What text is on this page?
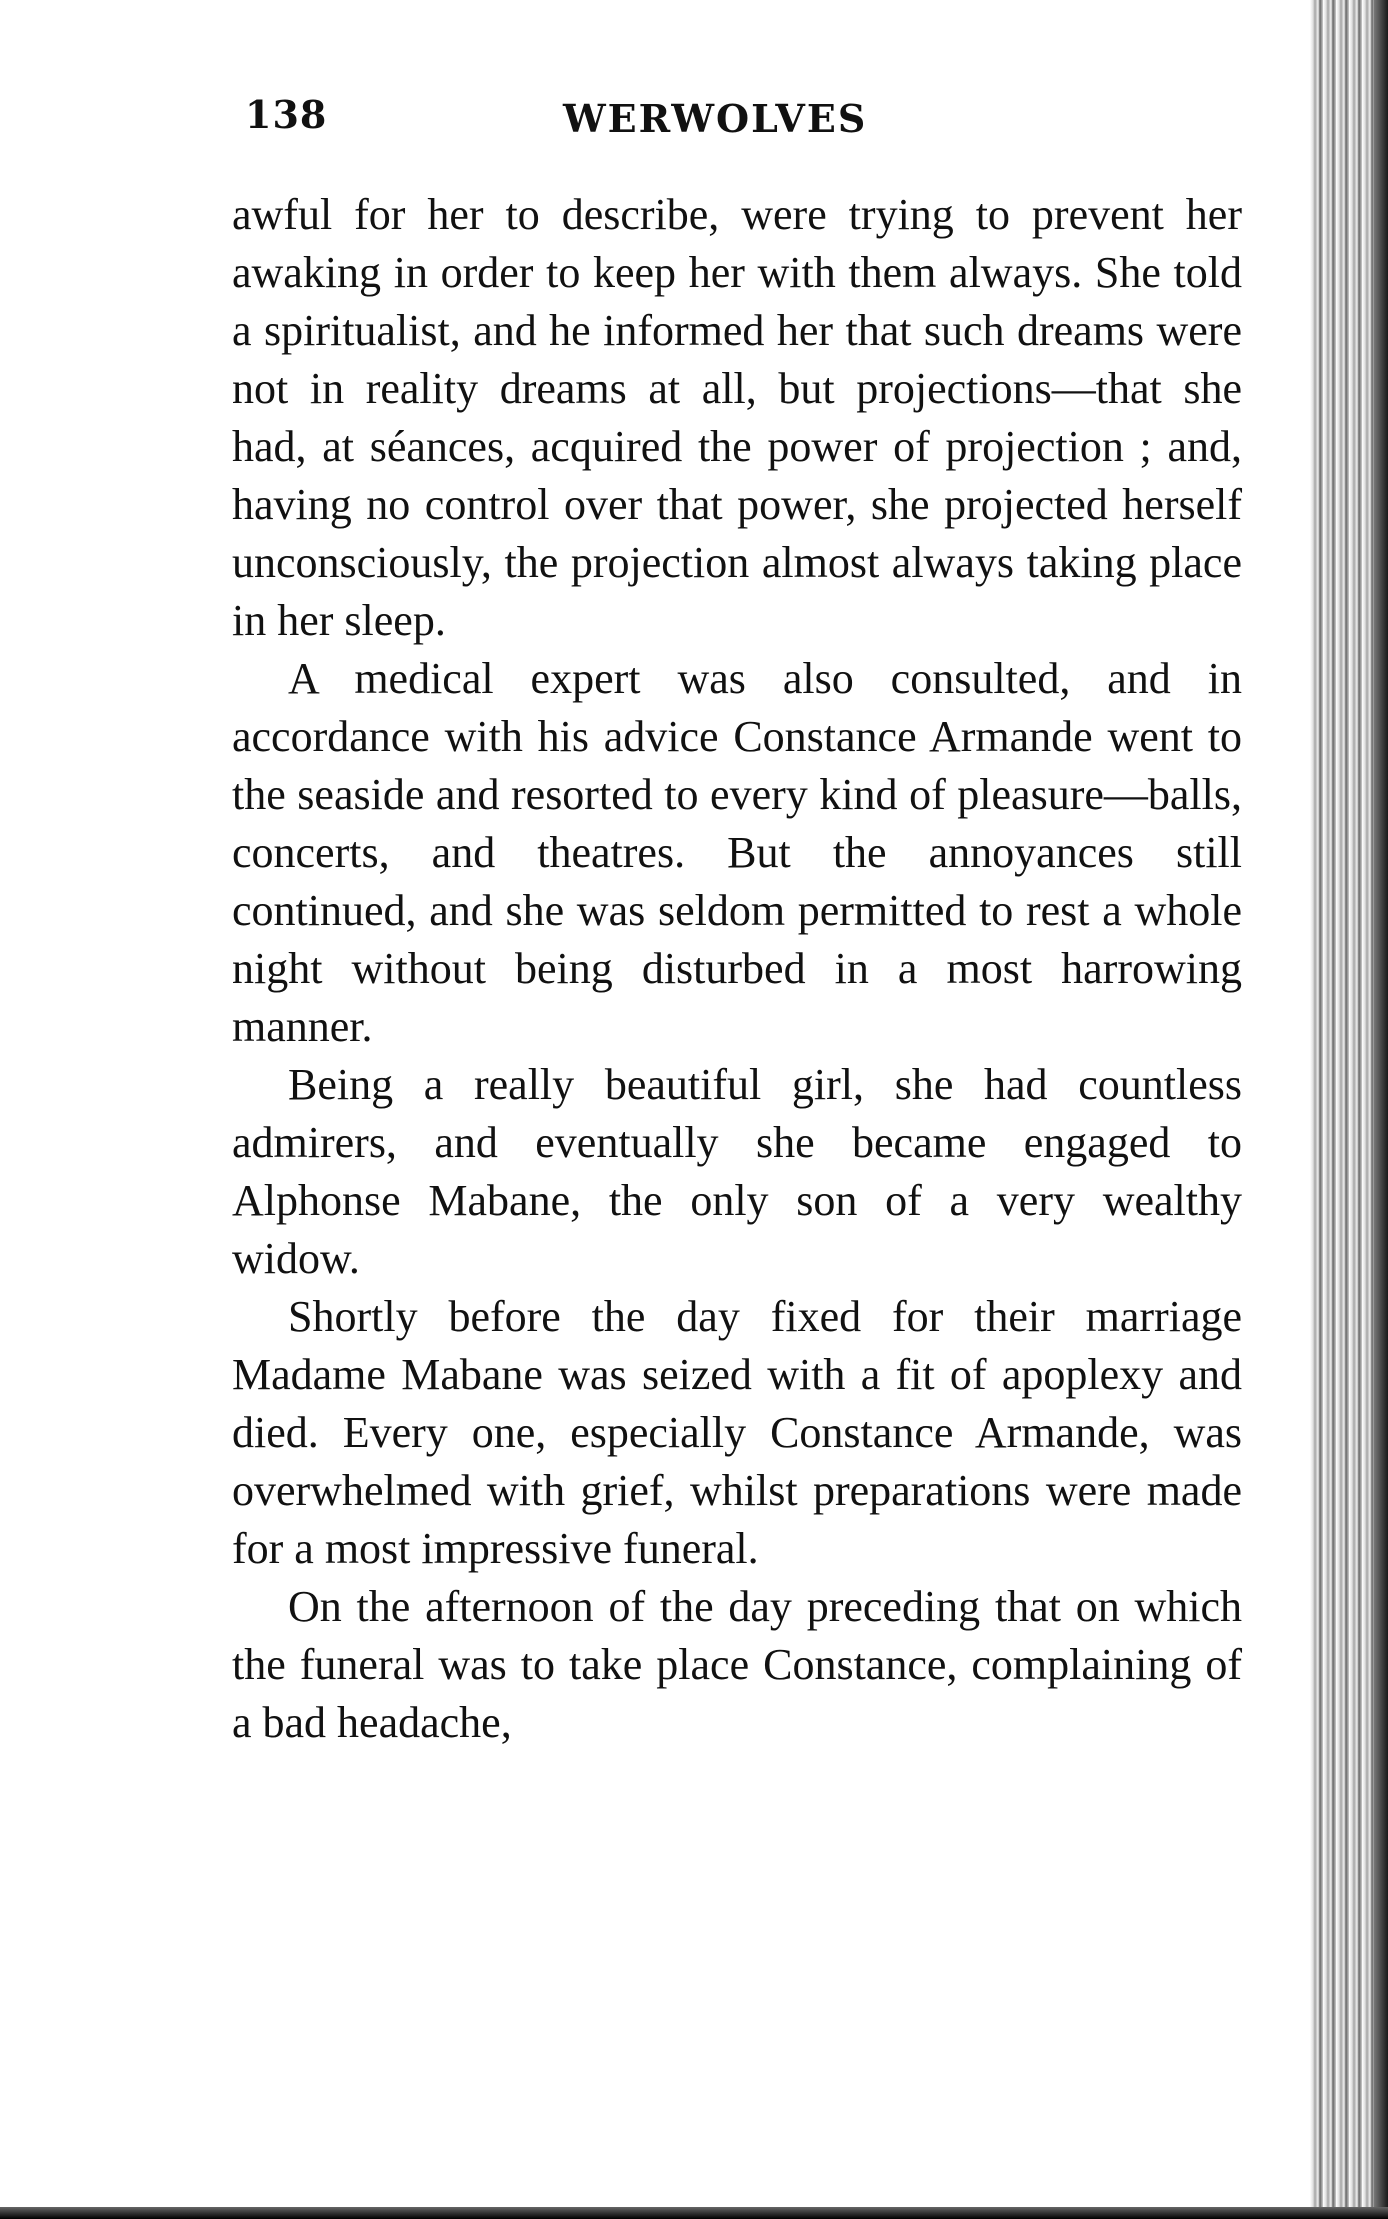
138	WERWOLVES

awful for her to describe, were trying to prevent her awaking in order to keep her with them always. She told a spiritualist, and he informed her that such dreams were not in reality dreams at all, but projections—that she had, at séances, acquired the power of projection ; and, having no control over that power, she projected herself unconsciously, the projection almost always taking place in her sleep.

A medical expert was also consulted, and in accordance with his advice Constance Armande went to the seaside and resorted to every kind of pleasure—balls, concerts, and theatres. But the annoyances still continued, and she was seldom permitted to rest a whole night without being disturbed in a most harrowing manner.

Being a really beautiful girl, she had countless admirers, and eventually she became engaged to Alphonse Mabane, the only son of a very wealthy widow.

Shortly before the day fixed for their marriage Madame Mabane was seized with a fit of apoplexy and died. Every one, especially Constance Armande, was overwhelmed with grief, whilst preparations were made for a most impressive funeral.

On the afternoon of the day preceding that on which the funeral was to take place Constance, complaining of a bad headache,
